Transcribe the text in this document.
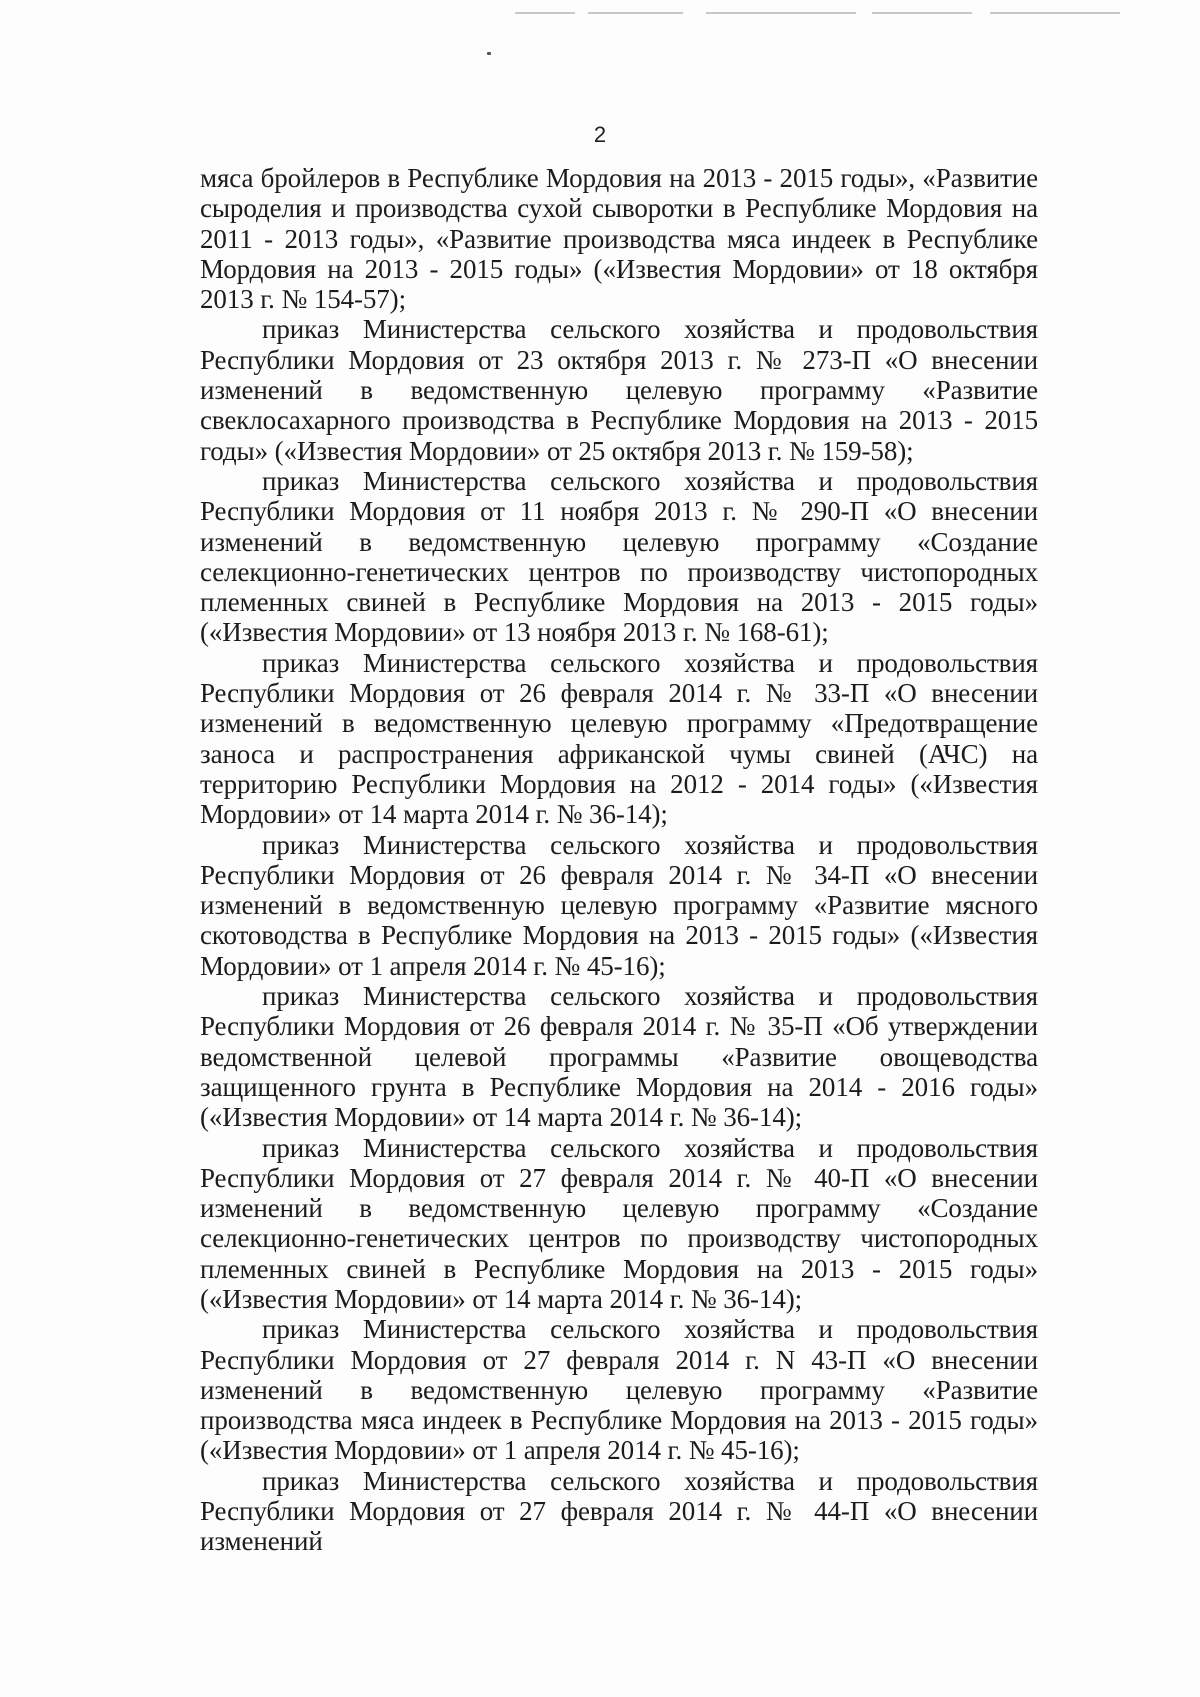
2

мяса бройлеров в Республике Мордовия на 2013 - 2015 годы», «Развитие сыроделия и производства сухой сыворотки в Республике Мордовия на 2011 - 2013 годы», «Развитие производства мяса индеек в Республике Мордовия на 2013 - 2015 годы» («Известия Мордовии» от 18 октября 2013 г. № 154-57);

приказ Министерства сельского хозяйства и продовольствия Республики Мордовия от 23 октября 2013 г. № 273-П «О внесении изменений в ведомственную целевую программу «Развитие свеклосахарного производства в Республике Мордовия на 2013 - 2015 годы» («Известия Мордовии» от 25 октября 2013 г. № 159-58);

приказ Министерства сельского хозяйства и продовольствия Республики Мордовия от 11 ноября 2013 г. № 290-П «О внесении изменений в ведомственную целевую программу «Создание селекционно-генетических центров по производству чистопородных племенных свиней в Республике Мордовия на 2013 - 2015 годы» («Известия Мордовии» от 13 ноября 2013 г. № 168-61);

приказ Министерства сельского хозяйства и продовольствия Республики Мордовия от 26 февраля 2014 г. № 33-П «О внесении изменений в ведомственную целевую программу «Предотвращение заноса и распространения африканской чумы свиней (АЧС) на территорию Республики Мордовия на 2012 - 2014 годы» («Известия Мордовии» от 14 марта 2014 г. № 36-14);

приказ Министерства сельского хозяйства и продовольствия Республики Мордовия от 26 февраля 2014 г. № 34-П «О внесении изменений в ведомственную целевую программу «Развитие мясного скотоводства в Республике Мордовия на 2013 - 2015 годы» («Известия Мордовии» от 1 апреля 2014 г. № 45-16);

приказ Министерства сельского хозяйства и продовольствия Республики Мордовия от 26 февраля 2014 г. № 35-П «Об утверждении ведомственной целевой программы «Развитие овощеводства защищенного грунта в Республике Мордовия на 2014 - 2016 годы» («Известия Мордовии» от 14 марта 2014 г. № 36-14);

приказ Министерства сельского хозяйства и продовольствия Республики Мордовия от 27 февраля 2014 г. № 40-П «О внесении изменений в ведомственную целевую программу «Создание селекционно-генетических центров по производству чистопородных племенных свиней в Республике Мордовия на 2013 - 2015 годы» («Известия Мордовии» от 14 марта 2014 г. № 36-14);

приказ Министерства сельского хозяйства и продовольствия Республики Мордовия от 27 февраля 2014 г. N 43-П «О внесении изменений в ведомственную целевую программу «Развитие производства мяса индеек в Республике Мордовия на 2013 - 2015 годы» («Известия Мордовии» от 1 апреля 2014 г. № 45-16);

приказ Министерства сельского хозяйства и продовольствия Республики Мордовия от 27 февраля 2014 г. № 44-П «О внесении изменений
